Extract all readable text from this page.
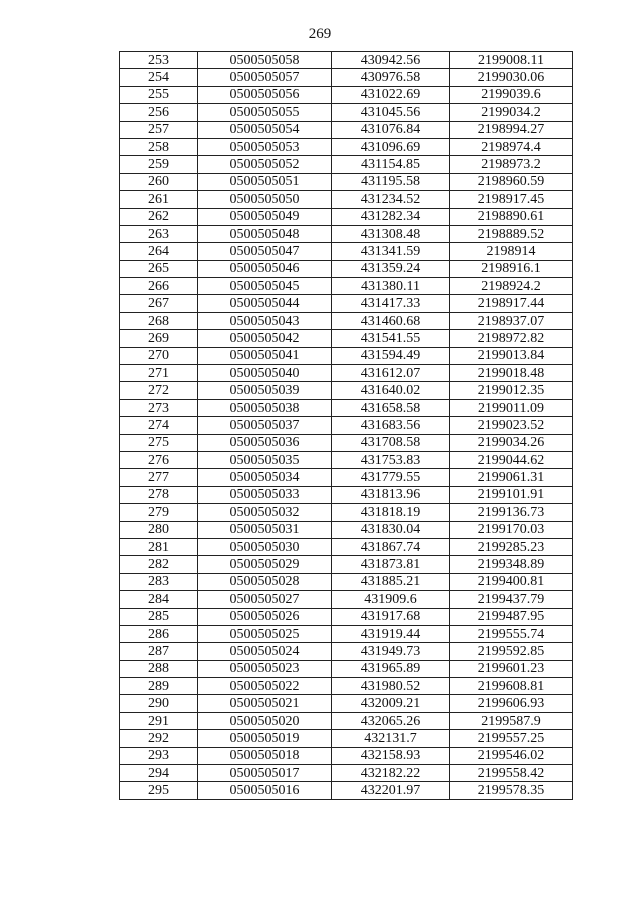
269
253	0500505058	430942.56	2199008.11
254	0500505057	430976.58	2199030.06
255	0500505056	431022.69	2199039.6
256	0500505055	431045.56	2199034.2
257	0500505054	431076.84	2198994.27
258	0500505053	431096.69	2198974.4
259	0500505052	431154.85	2198973.2
260	0500505051	431195.58	2198960.59
261	0500505050	431234.52	2198917.45
262	0500505049	431282.34	2198890.61
263	0500505048	431308.48	2198889.52
264	0500505047	431341.59	2198914
265	0500505046	431359.24	2198916.1
266	0500505045	431380.11	2198924.2
267	0500505044	431417.33	2198917.44
268	0500505043	431460.68	2198937.07
269	0500505042	431541.55	2198972.82
270	0500505041	431594.49	2199013.84
271	0500505040	431612.07	2199018.48
272	0500505039	431640.02	2199012.35
273	0500505038	431658.58	2199011.09
274	0500505037	431683.56	2199023.52
275	0500505036	431708.58	2199034.26
276	0500505035	431753.83	2199044.62
277	0500505034	431779.55	2199061.31
278	0500505033	431813.96	2199101.91
279	0500505032	431818.19	2199136.73
280	0500505031	431830.04	2199170.03
281	0500505030	431867.74	2199285.23
282	0500505029	431873.81	2199348.89
283	0500505028	431885.21	2199400.81
284	0500505027	431909.6	2199437.79
285	0500505026	431917.68	2199487.95
286	0500505025	431919.44	2199555.74
287	0500505024	431949.73	2199592.85
288	0500505023	431965.89	2199601.23
289	0500505022	431980.52	2199608.81
290	0500505021	432009.21	2199606.93
291	0500505020	432065.26	2199587.9
292	0500505019	432131.7	2199557.25
293	0500505018	432158.93	2199546.02
294	0500505017	432182.22	2199558.42
295	0500505016	432201.97	2199578.35
